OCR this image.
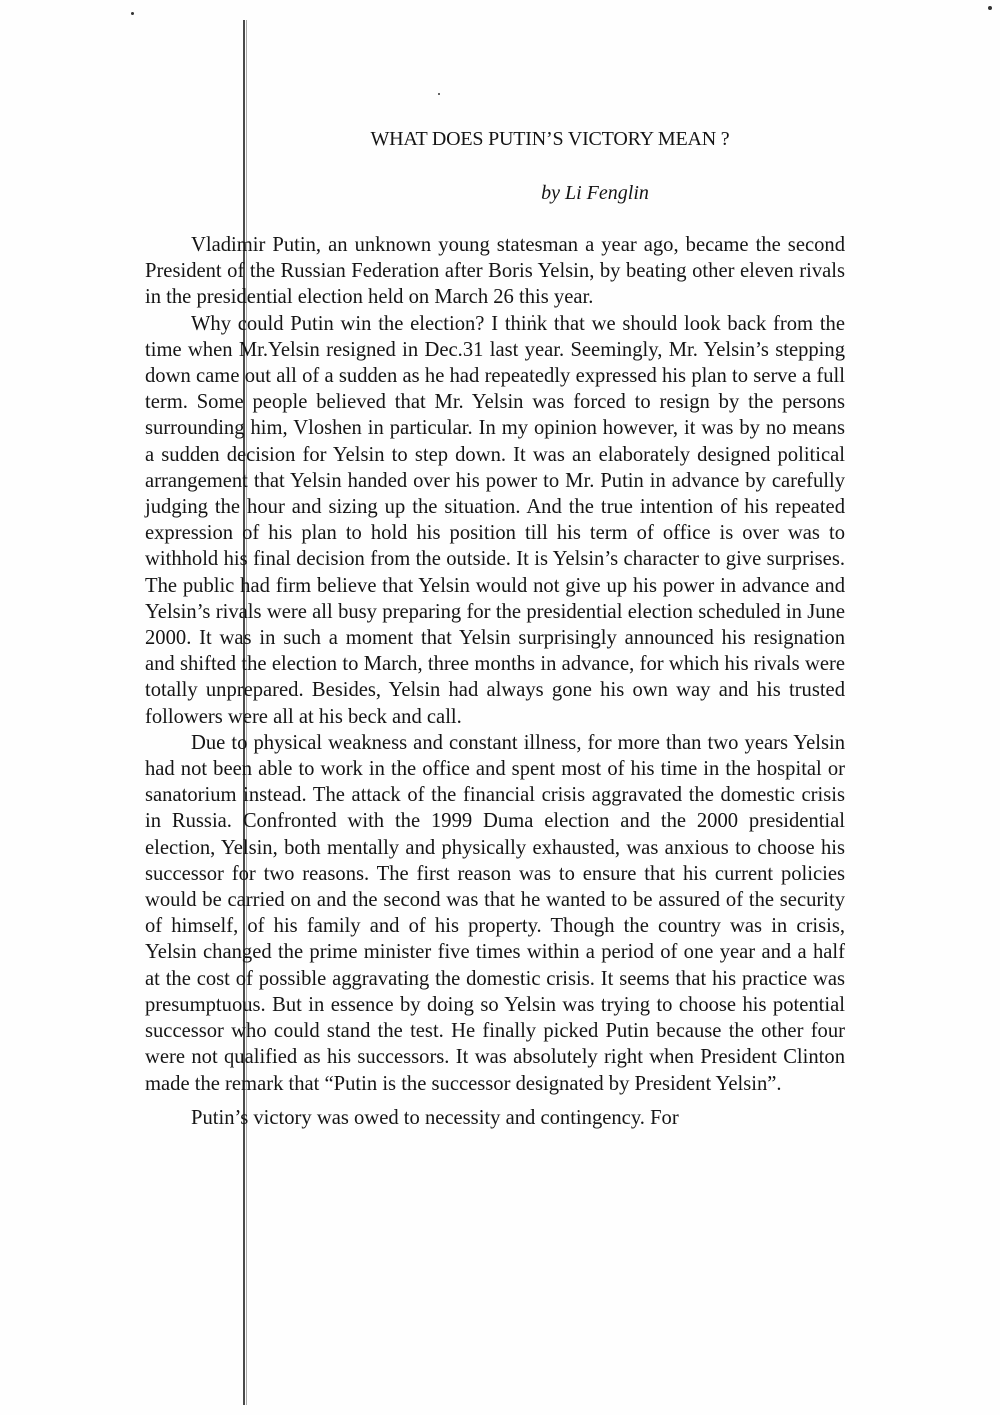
WHAT DOES PUTIN’S VICTORY MEAN ?
by Li Fenglin

Vladimir Putin, an unknown young statesman a year ago, became the second President of the Russian Federation after Boris Yelsin, by beating other eleven rivals in the presidential election held on March 26 this year.

Why could Putin win the election? I think that we should look back from the time when Mr.Yelsin resigned in Dec.31 last year. Seemingly, Mr. Yelsin’s stepping down came out all of a sudden as he had repeatedly expressed his plan to serve a full term. Some people believed that Mr. Yelsin was forced to resign by the persons surrounding him, Vloshen in particular. In my opinion however, it was by no means a sudden decision for Yelsin to step down. It was an elaborately designed political arrangement that Yelsin handed over his power to Mr. Putin in advance by carefully judging the hour and sizing up the situation. And the true intention of his repeated expression of his plan to hold his position till his term of office is over was to withhold his final decision from the outside. It is Yelsin’s character to give surprises. The public had firm believe that Yelsin would not give up his power in advance and Yelsin’s rivals were all busy preparing for the presidential election scheduled in June 2000. It was in such a moment that Yelsin surprisingly announced his resignation and shifted the election to March, three months in advance, for which his rivals were totally unprepared. Besides, Yelsin had always gone his own way and his trusted followers were all at his beck and call.

Due to physical weakness and constant illness, for more than two years Yelsin had not been able to work in the office and spent most of his time in the hospital or sanatorium instead. The attack of the financial crisis aggravated the domestic crisis in Russia. Confronted with the 1999 Duma election and the 2000 presidential election, Yelsin, both mentally and physically exhausted, was anxious to choose his successor for two reasons. The first reason was to ensure that his current policies would be carried on and the second was that he wanted to be assured of the security of himself, of his family and of his property. Though the country was in crisis, Yelsin changed the prime minister five times within a period of one year and a half at the cost of possible aggravating the domestic crisis. It seems that his practice was presumptuous. But in essence by doing so Yelsin was trying to choose his potential successor who could stand the test. He finally picked Putin because the other four were not qualified as his successors. It was absolutely right when President Clinton made the remark that “Putin is the successor designated by President Yelsin”.

Putin’s victory was owed to necessity and contingency. For
